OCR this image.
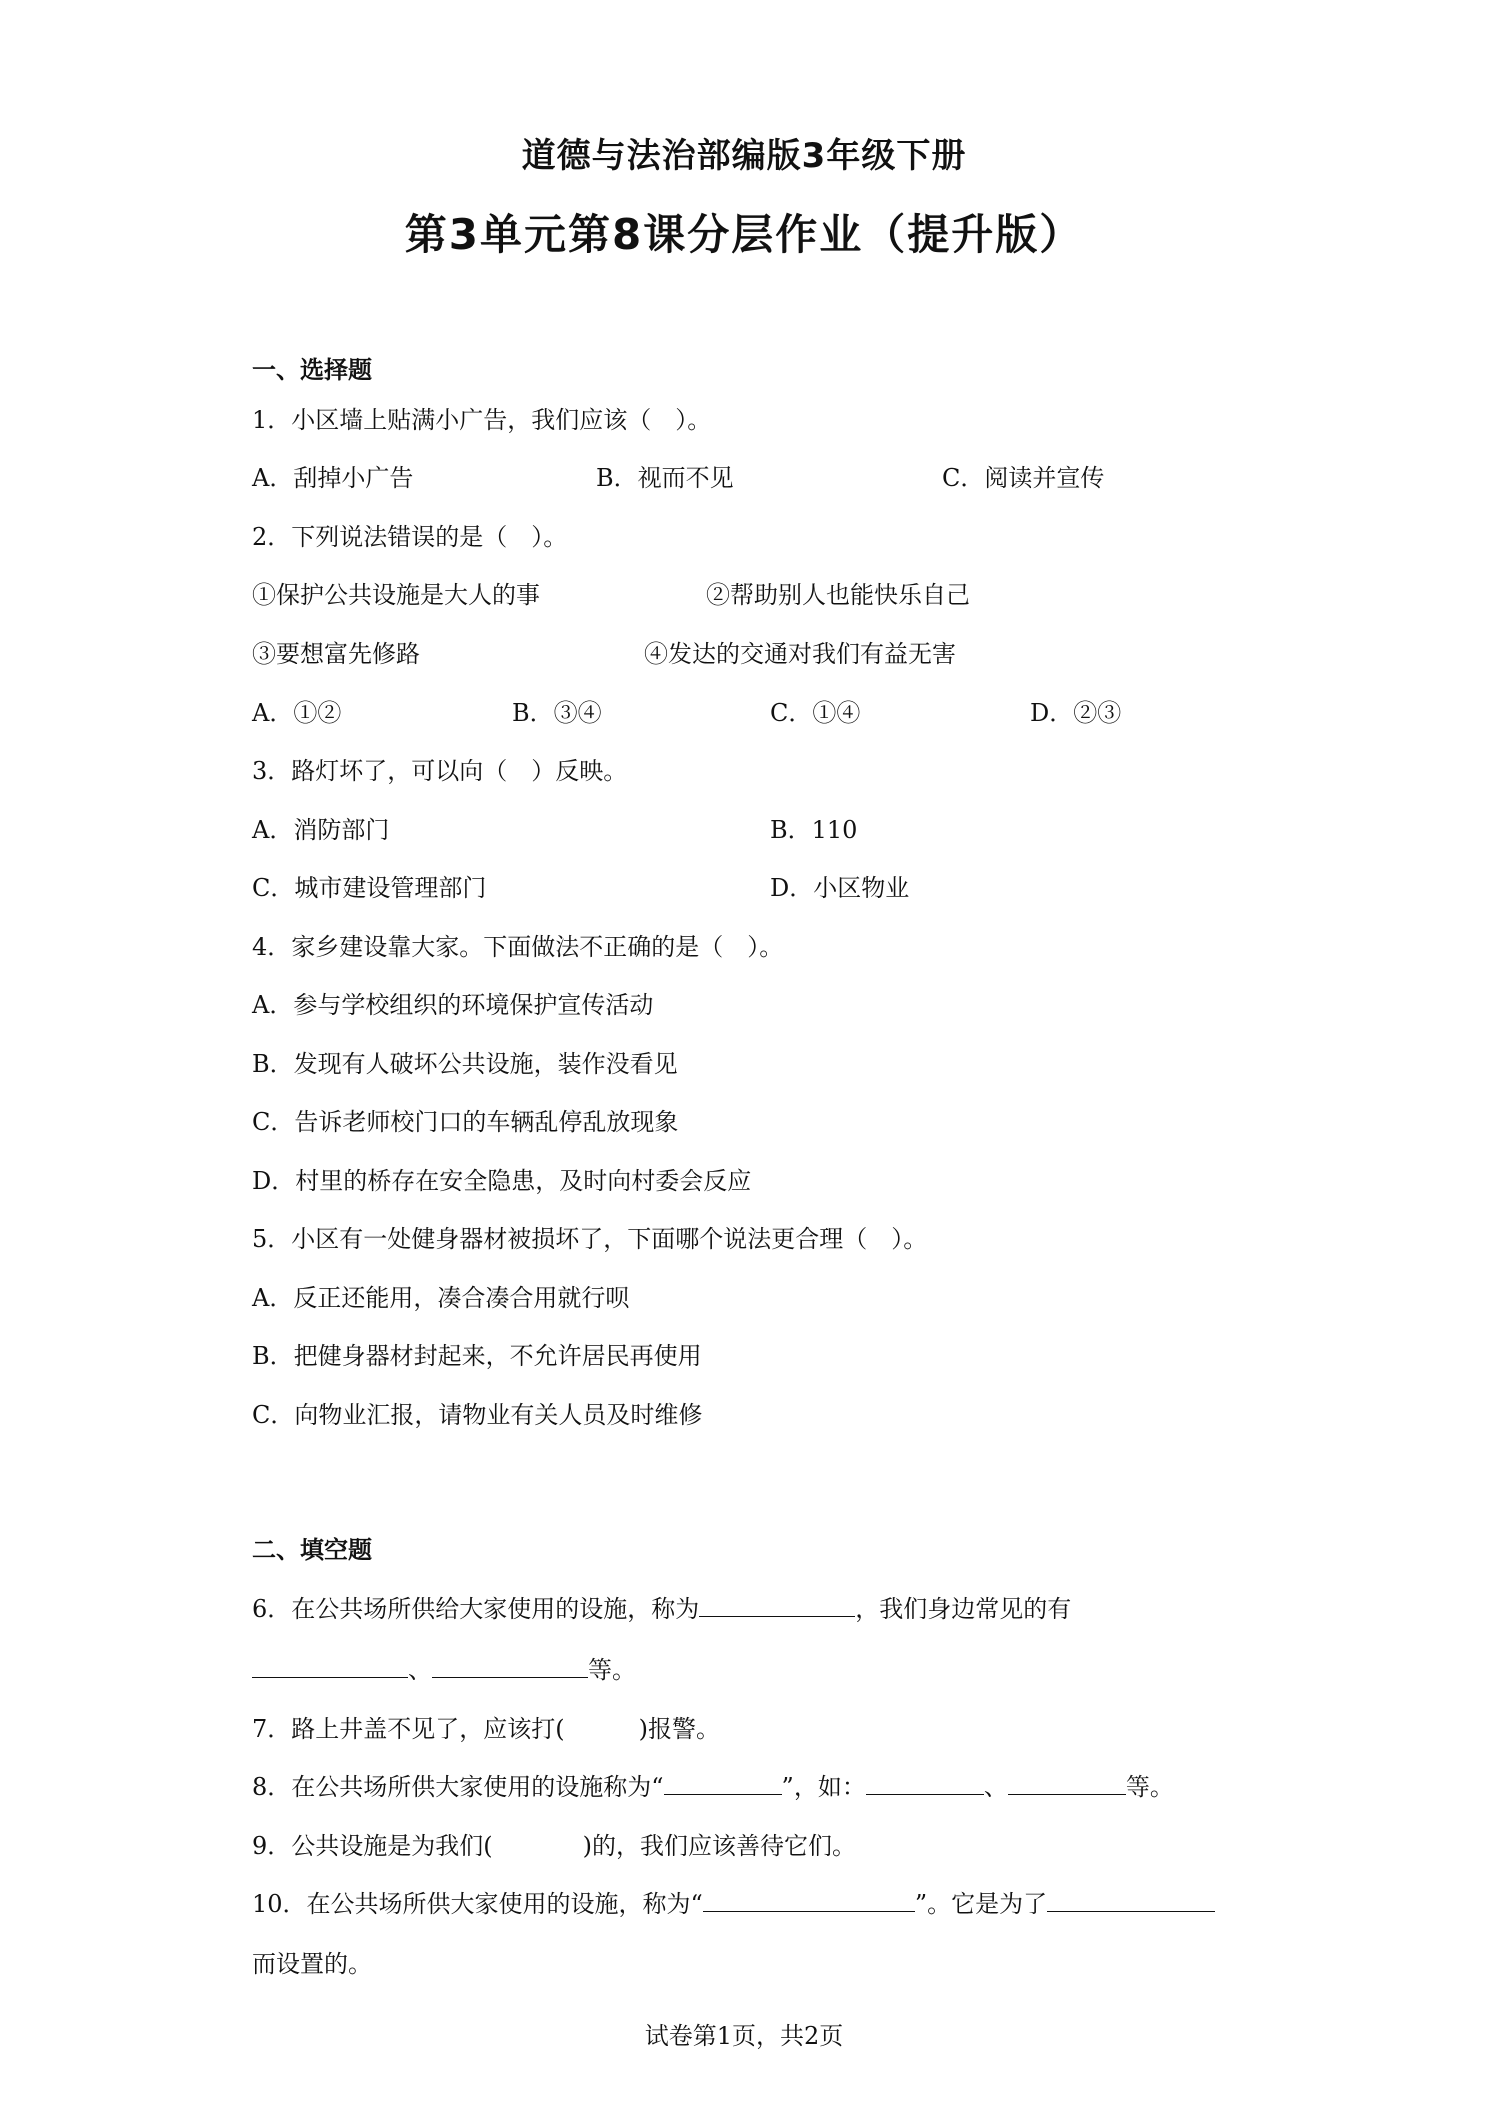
道德与法治部编版3年级下册
第3单元第8课分层作业（提升版）
一、选择题
1．小区墙上贴满小广告，我们应该（　）。
A．刮掉小广告	B．视而不见	C．阅读并宣传
2．下列说法错误的是（　）。
①保护公共设施是大人的事	②帮助别人也能快乐自己
③要想富先修路	④发达的交通对我们有益无害
A．①②	B．③④	C．①④	D．②③
3．路灯坏了，可以向（　）反映。
A．消防部门	B．110
C．城市建设管理部门	D．小区物业
4．家乡建设靠大家。下面做法不正确的是（　）。
A．参与学校组织的环境保护宣传活动
B．发现有人破坏公共设施，装作没看见
C．告诉老师校门口的车辆乱停乱放现象
D．村里的桥存在安全隐患，及时向村委会反应
5．小区有一处健身器材被损坏了，下面哪个说法更合理（　）。
A．反正还能用，凑合凑合用就行呗
B．把健身器材封起来，不允许居民再使用
C．向物业汇报，请物业有关人员及时维修
二、填空题
6．在公共场所供给大家使用的设施，称为	，我们身边常见的有
、	等。
7．路上井盖不见了，应该打(	)报警。
8．在公共场所供大家使用的设施称为“	”，如：	、	等。
9．公共设施是为我们(	)的，我们应该善待它们。
10．在公共场所供大家使用的设施，称为“	”。它是为了
而设置的。
试卷第1页，共2页
